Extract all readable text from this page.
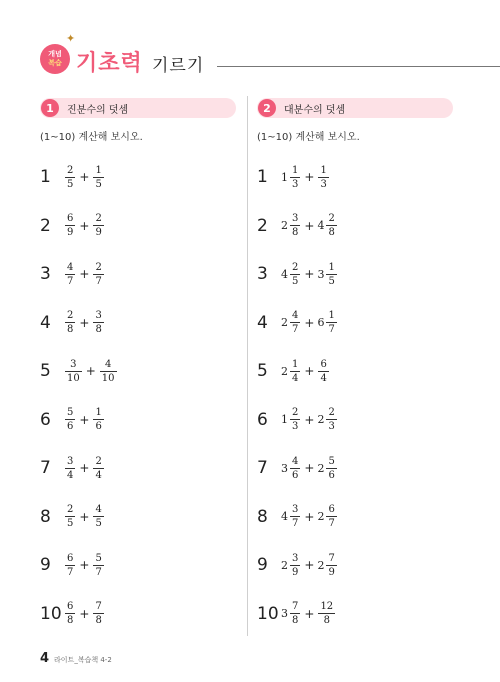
개념
복습
✦
기초력 기르기
1	진분수의 덧셈
(1~10) 계산해 보시오.
1	$\frac{2}{5} + \frac{1}{5}$
2	$\frac{6}{9} + \frac{2}{9}$
3	$\frac{4}{7} + \frac{2}{7}$
4	$\frac{2}{8} + \frac{3}{8}$
5	$\frac{3}{10} + \frac{4}{10}$
6	$\frac{5}{6} + \frac{1}{6}$
7	$\frac{3}{4} + \frac{2}{4}$
8	$\frac{2}{5} + \frac{4}{5}$
9	$\frac{6}{7} + \frac{5}{7}$
$10 \frac{6}{8} + \frac{7}{8}$
2	대분수의 덧셈
(1~10) 계산해 보시오.
1	$1 \frac{1}{3} + \frac{1}{3}$
2	$2 \frac{3}{8} + 4 \frac{2}{8}$
3	$4 \frac{2}{5} + 3 \frac{1}{5}$
4	$2 \frac{4}{7} + 6 \frac{1}{7}$
5	$2 \frac{1}{4} + \frac{6}{4}$
6	$1 \frac{2}{3} + 2 \frac{2}{3}$
7	$3 \frac{4}{6} + 2 \frac{5}{6}$
8	$4 \frac{3}{7} + 2 \frac{6}{7}$
9	$2 \frac{3}{9} + 2 \frac{7}{9}$
10 $3 \frac{7}{8} + \frac{12}{8}$
4 라이트_복습책 4-2
